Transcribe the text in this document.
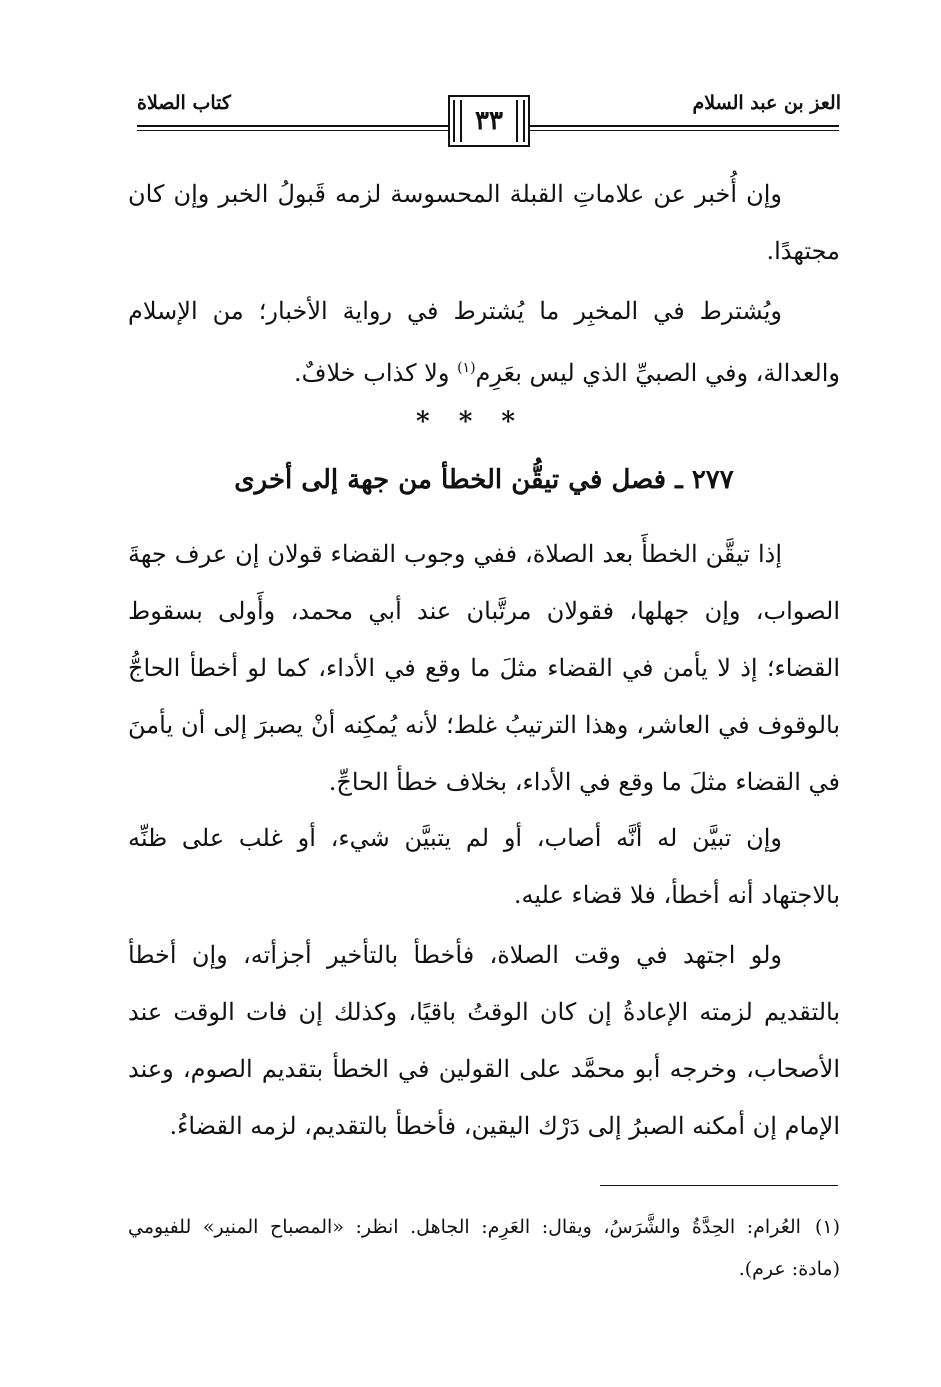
العز بن عبد السلام
كتاب الصلاة
٣٣

وإن أُخبر عن علاماتِ القبلة المحسوسة لزمه قَبولُ الخبر وإن كان مجتهدًا.

ويُشترط في المخبِر ما يُشترط في رواية الأخبار؛ من الإسلام والعدالة، وفي الصبيِّ الذي ليس بعَرِم$^{(١)}$ ولا كذاب خلافٌ.

* * *
٢٧٧ ـ فصل في تيقُّن الخطأ من جهة إلى أخرى

إذا تيقَّن الخطأَ بعد الصلاة، ففي وجوب القضاء قولان إن عرف جهةَ الصواب، وإن جهلها، فقولان مرتَّبان عند أبي محمد، وأَولى بسقوط القضاء؛ إذ لا يأمن في القضاء مثلَ ما وقع في الأداء، كما لو أخطأ الحاجُّ بالوقوف في العاشر، وهذا الترتيبُ غلط؛ لأنه يُمكِنه أنْ يصبرَ إلى أن يأمنَ في القضاء مثلَ ما وقع في الأداء، بخلاف خطأ الحاجِّ.

وإن تبيَّن له أنَّه أصاب، أو لم يتبيَّن شيء، أو غلب على ظنِّه بالاجتهاد أنه أخطأ، فلا قضاء عليه.

ولو اجتهد في وقت الصلاة، فأخطأ بالتأخير أجزأته، وإن أخطأ بالتقديم لزمته الإعادةُ إن كان الوقتُ باقيًا، وكذلك إن فات الوقت عند الأصحاب، وخرجه أبو محمَّد على القولين في الخطأ بتقديم الصوم، وعند الإمام إن أمكنه الصبرُ إلى دَرْك اليقين، فأخطأ بالتقديم، لزمه القضاءُ.

(١)العُرام: الحِدَّةُ والشَّرَسُ، ويقال: العَرِم: الجاهل. انظر: «المصباح المنير» للفيومي (مادة: عرم).
